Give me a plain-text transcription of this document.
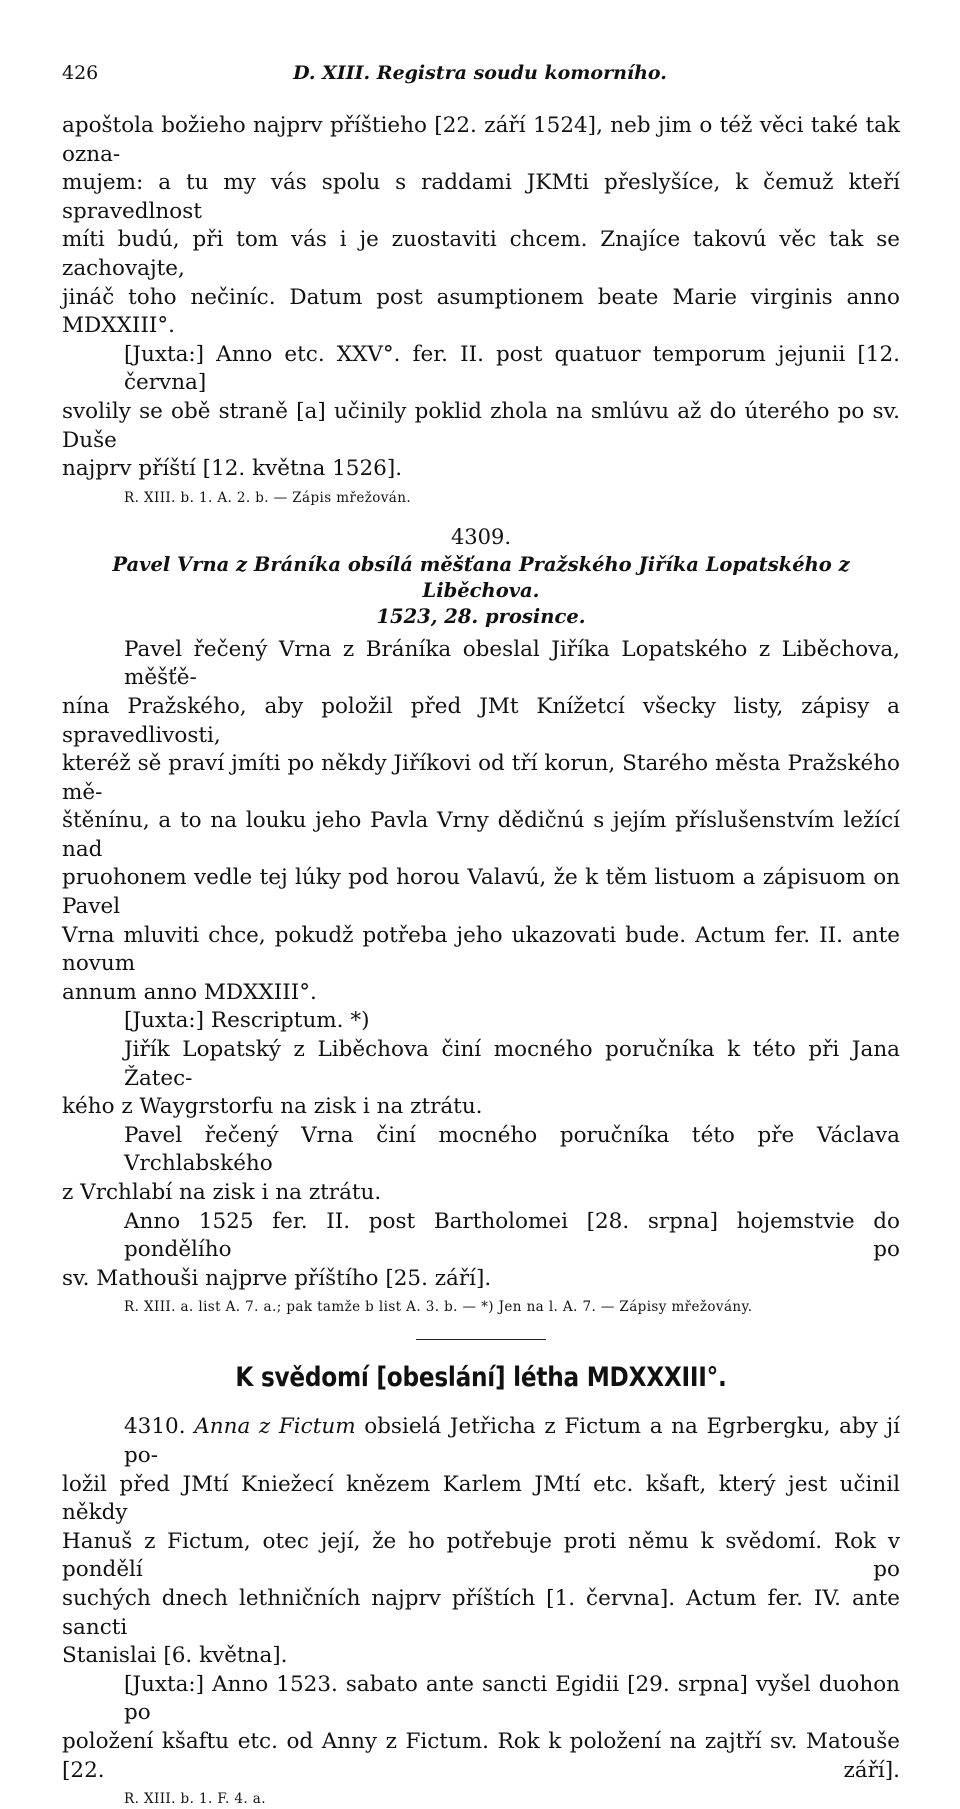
426	D. XIII. Registra soudu komorního.

apoštola božieho najprv příštieho [22. září 1524], neb jim o též věci také tak ozna-
mujem: a tu my vás spolu s raddami JKMti přeslyšíce, k čemuž kteří spravedlnost
míti budú, při tom vás i je zuostaviti chcem. Znajíce takovú věc tak se zachovajte,
jináč toho nečiníc. Datum post asumptionem beate Marie virginis anno MDXXIII°.
[Juxta:] Anno etc. XXV°. fer. II. post quatuor temporum jejunii [12. června]
svolily se obě straně [a] učinily poklid zhola na smlúvu až do úterého po sv. Duše
najprv příští [12. května 1526].

R. XIII. b. 1. A. 2. b. — Zápis mřežován.
4309.
Pavel Vrna z Bráníka obsílá měšťana Pražského Jiříka Lopatského z Liběchova.
1523, 28. prosince.

Pavel řečený Vrna z Bráníka obeslal Jiříka Lopatského z Liběchova, měšťě-
nína Pražského, aby položil před JMt Knížetcí všecky listy, zápisy a spravedlivosti,
kteréž sě praví jmíti po někdy Jiříkovi od tří korun, Starého města Pražského mě-
štěnínu, a to na louku jeho Pavla Vrny dědičnú s jejím příslušenstvím ležící nad
pruohonem vedle tej lúky pod horou Valavú, že k těm listuom a zápisuom on Pavel
Vrna mluviti chce, pokudž potřeba jeho ukazovati bude. Actum fer. II. ante novum
annum anno MDXXIII°.
[Juxta:] Rescriptum. *)
Jiřík Lopatský z Liběchova činí mocného poručníka k této při Jana Žatec-
kého z Waygrstorfu na zisk i na ztrátu.
Pavel řečený Vrna činí mocného poručníka této pře Václava Vrchlabského
z Vrchlabí na zisk i na ztrátu.
Anno 1525 fer. II. post Bartholomei [28. srpna] hojemstvie do pondělího po
sv. Mathouši najprve příštího [25. září].

R. XIII. a. list A. 7. a.; pak tamže b list A. 3. b. — *) Jen na l. A. 7. — Zápisy mřežovány.
K svědomí [obeslání] létha MDXXXIII°.

4310. Anna z Fictum obsielá Jetřicha z Fictum a na Egrbergku, aby jí po-
ložil před JMtí Kniežecí knězem Karlem JMtí etc. kšaft, který jest učinil někdy
Hanuš z Fictum, otec její, že ho potřebuje proti němu k svědomí. Rok v pondělí po
suchých dnech lethničních najprv příštích [1. června]. Actum fer. IV. ante sancti
Stanislai [6. května].
[Juxta:] Anno 1523. sabato ante sancti Egidii [29. srpna] vyšel duohon po
položení kšaftu etc. od Anny z Fictum. Rok k položení na zajtří sv. Matouše [22. září].

R. XIII. b. 1. F. 4. a.
